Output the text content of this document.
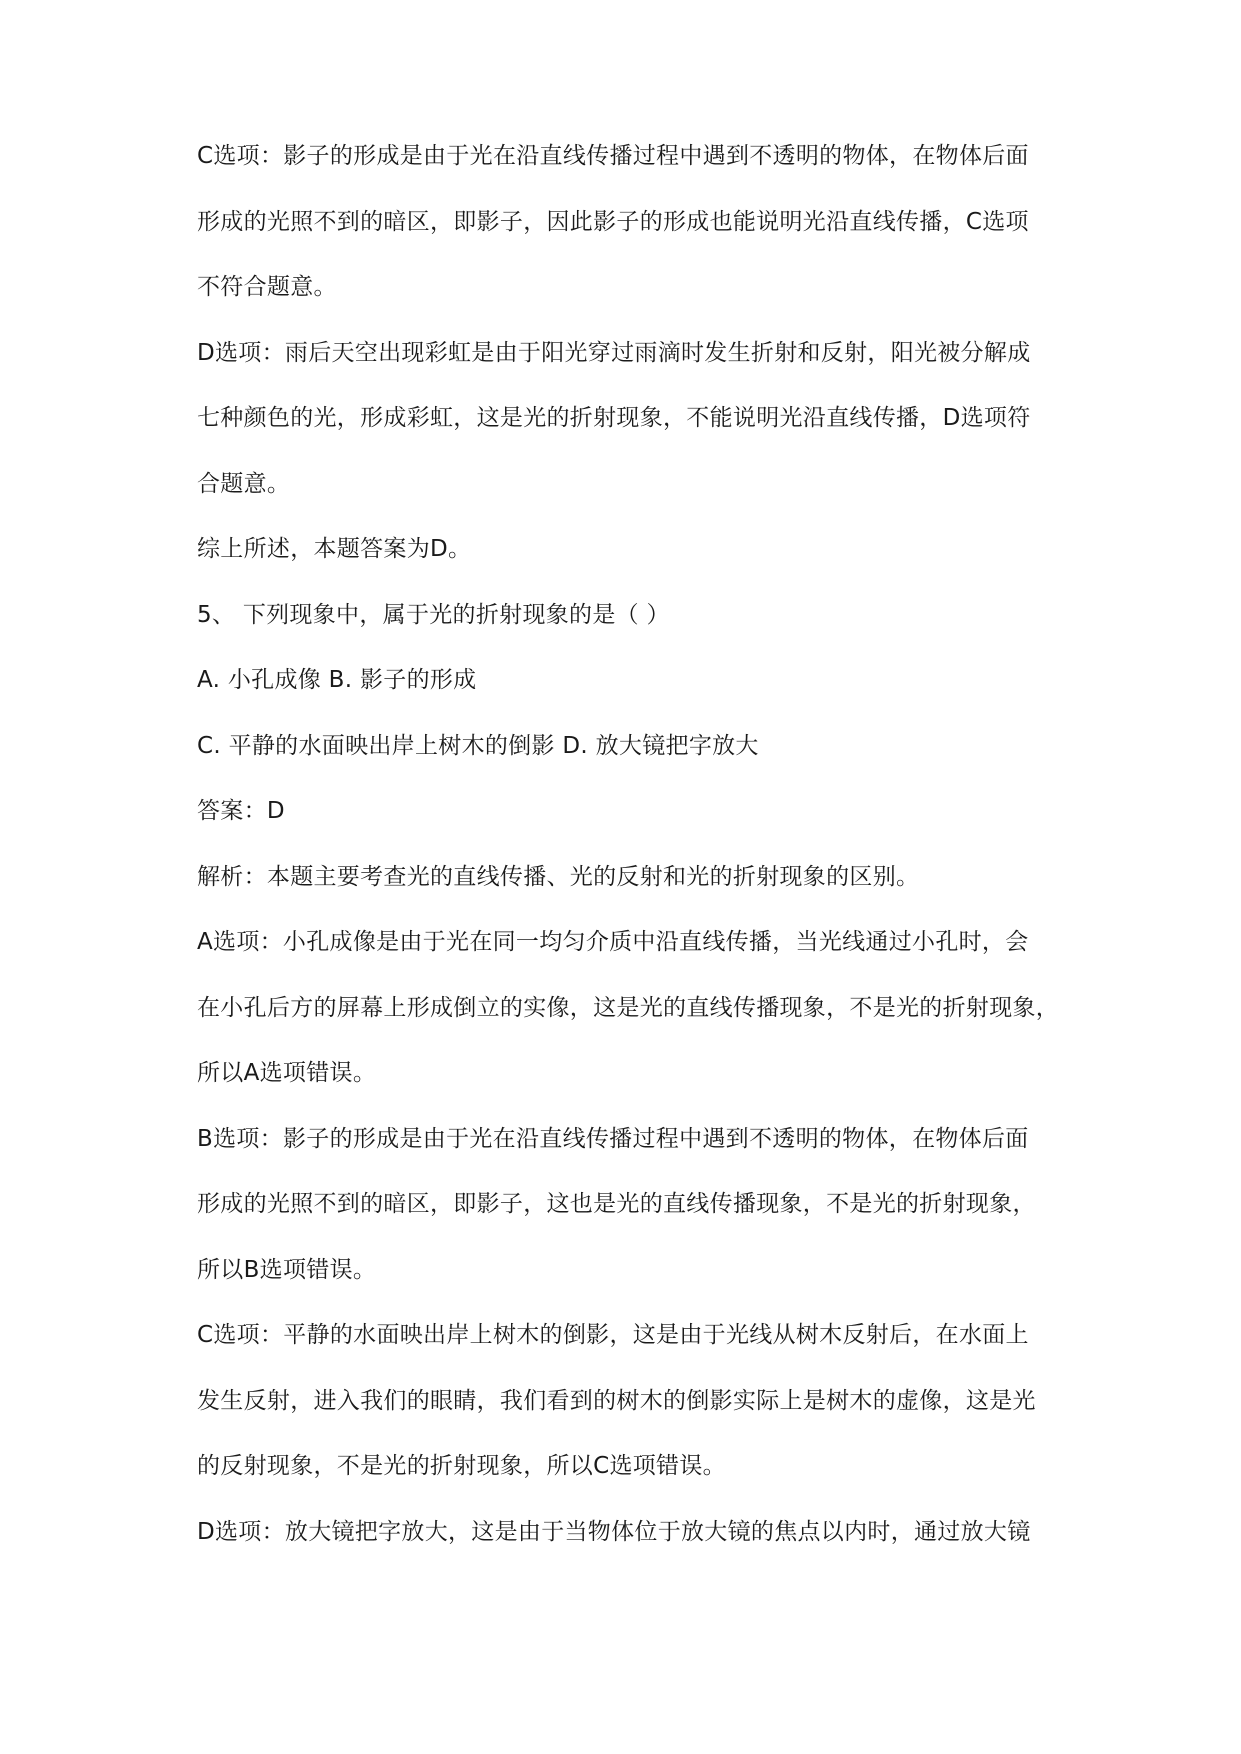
C选项：影子的形成是由于光在沿直线传播过程中遇到不透明的物体，在物体后面
形成的光照不到的暗区，即影子，因此影子的形成也能说明光沿直线传播，C选项
不符合题意。
D选项：雨后天空出现彩虹是由于阳光穿过雨滴时发生折射和反射，阳光被分解成
七种颜色的光，形成彩虹，这是光的折射现象，不能说明光沿直线传播，D选项符
合题意。
综上所述，本题答案为D。
5、 下列现象中，属于光的折射现象的是（ ）
A. 小孔成像 B. 影子的形成
C. 平静的水面映出岸上树木的倒影 D. 放大镜把字放大
答案：D
解析：本题主要考查光的直线传播、光的反射和光的折射现象的区别。
A选项：小孔成像是由于光在同一均匀介质中沿直线传播，当光线通过小孔时，会
在小孔后方的屏幕上形成倒立的实像，这是光的直线传播现象，不是光的折射现象，
所以A选项错误。
B选项：影子的形成是由于光在沿直线传播过程中遇到不透明的物体，在物体后面
形成的光照不到的暗区，即影子，这也是光的直线传播现象，不是光的折射现象，
所以B选项错误。
C选项：平静的水面映出岸上树木的倒影，这是由于光线从树木反射后，在水面上
发生反射，进入我们的眼睛，我们看到的树木的倒影实际上是树木的虚像，这是光
的反射现象，不是光的折射现象，所以C选项错误。
D选项：放大镜把字放大，这是由于当物体位于放大镜的焦点以内时，通过放大镜
